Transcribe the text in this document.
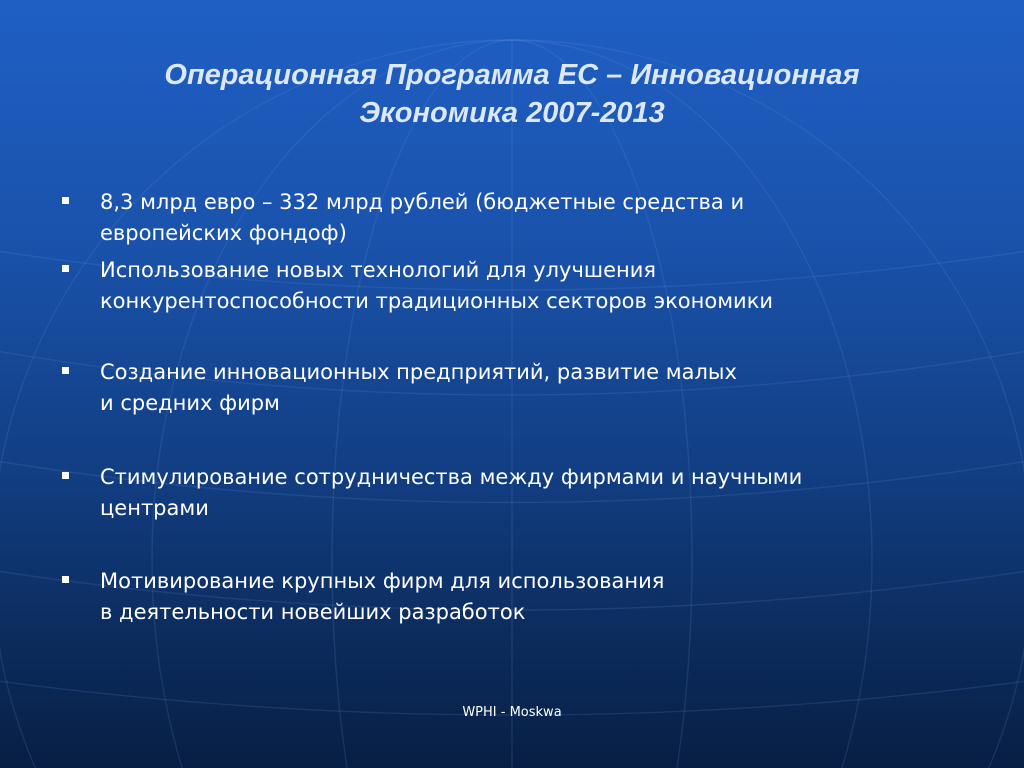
Операционная Программа ЕС – Инновационная
Экономика 2007-2013
8,3 млрд евро – 332 млрд рублей (бюджетные средства и
европейских фондоф)
Использование новых технологий для улучшения
конкурентоспособности традиционных секторов экономики
Создание инновационных предприятий, развитие малых
и средних фирм
Стимулирование сотрудничества между фирмами и научными
центрами
Мотивирование крупных фирм для использования
в деятельности новейших разработок
WPHI - Moskwa
